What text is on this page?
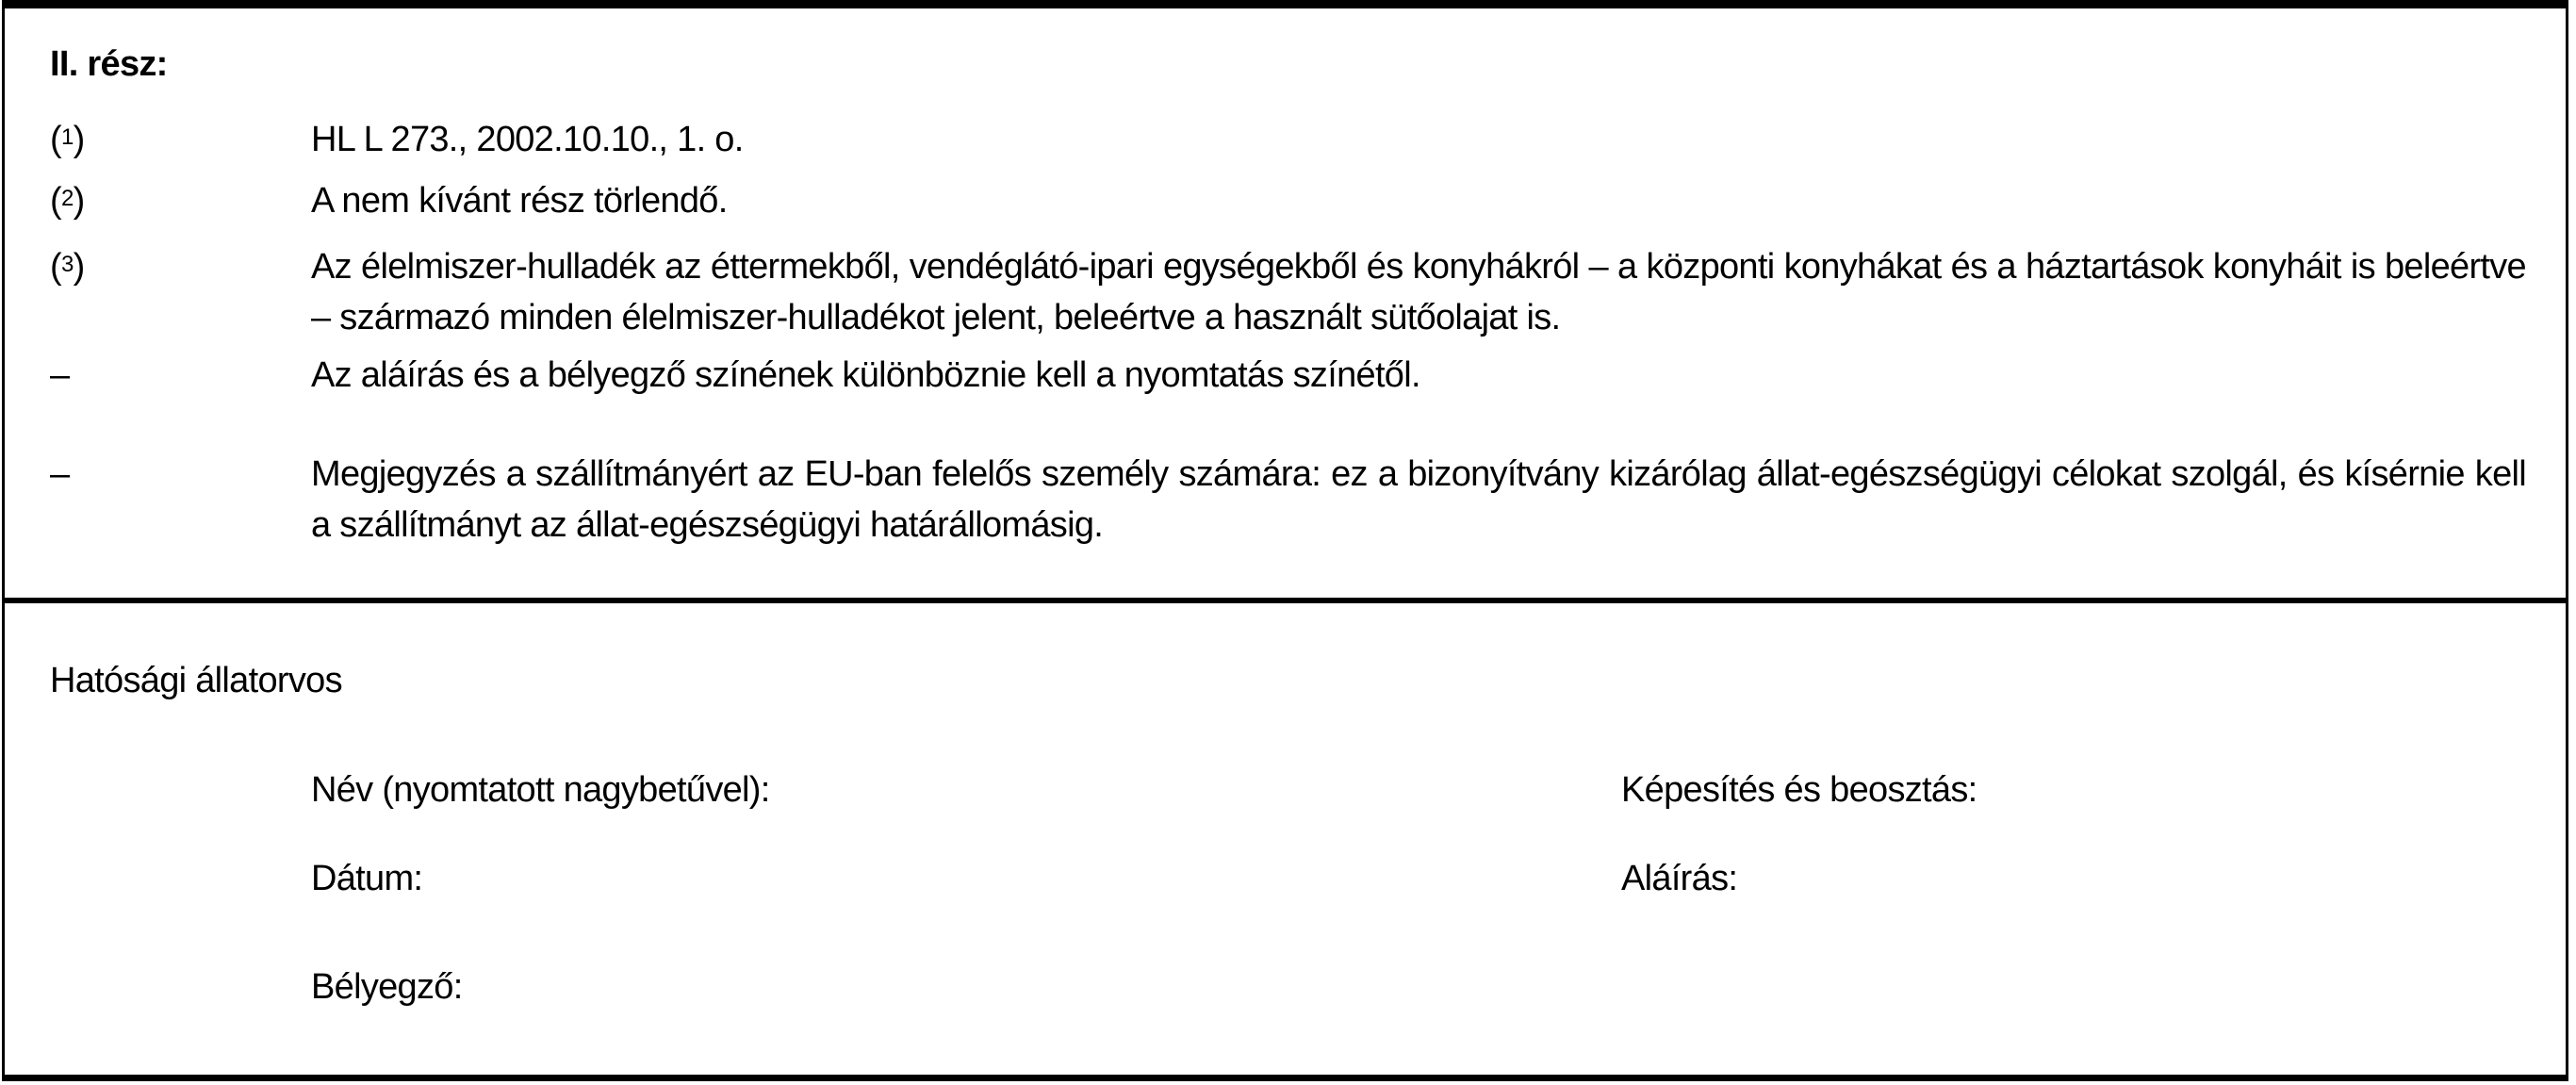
II. rész:
($^1$)	HL L 273., 2002.10.10., 1. o.
($^2$)	A nem kívánt rész törlendő.
($^3$)	Az élelmiszer-hulladék az éttermekből, vendéglátó-ipari egységekből és konyhákról – a központi konyhákat és a háztartások konyháit is beleértve – származó minden élelmiszer-hulladékot jelent, beleértve a használt sütőolajat is.
–	Az aláírás és a bélyegző színének különböznie kell a nyomtatás színétől.
–	Megjegyzés a szállítmányért az EU-ban felelős személy számára: ez a bizonyítvány kizárólag állat-egészségügyi célokat szolgál, és kísérnie kell a szállítmányt az állat-egészségügyi határállomásig.
Hatósági állatorvos
Név (nyomtatott nagybetűvel):	Képesítés és beosztás:
Dátum:	Aláírás:
Bélyegző:
